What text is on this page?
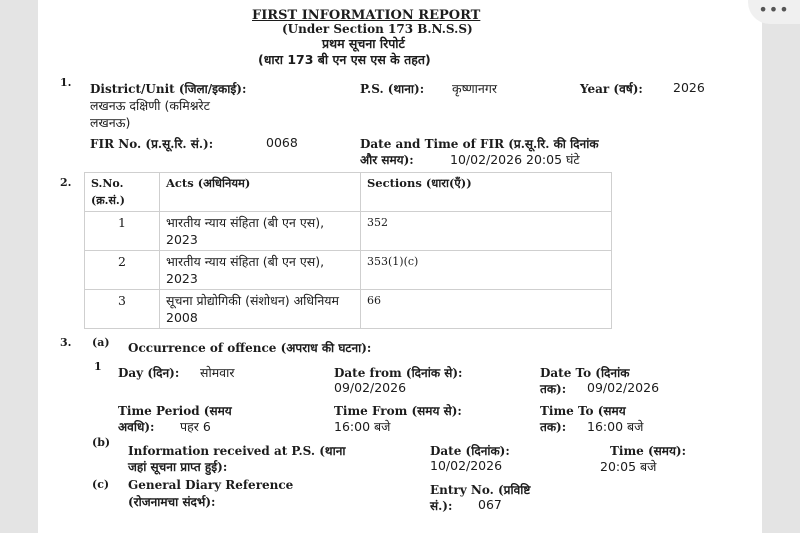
•••
FIRST INFORMATION REPORT
(Under Section 173 B.N.S.S)
प्रथम सूचना रिपोर्ट
(धारा 173 बी एन एस एस के तहत)
1. District/Unit (जिला/इकाई):
लखनऊ दक्षिणी (कमिश्नरेट
लखनऊ)
P.S. (थाना): कृष्णानगर	Year (वर्ष): 2026
FIR No. (प्र.सू.रि. सं.):	0068	Date and Time of FIR (प्र.सू.रि. की दिनांक
और समय):	10/02/2026 20:05 घंटे
2. S.No. (क्र.सं.)	Acts (अधिनियम)	Sections (धारा(एँ))
1	भारतीय न्याय संहिता (बी एन एस), 2023	352
2	भारतीय न्याय संहिता (बी एन एस), 2023	353(1)(c)
3	सूचना प्रोद्योगिकी (संशोधन) अधिनियम 2008	66
3. (a) Occurrence of offence (अपराध की घटना):
1 Day (दिन): सोमवार	Date from (दिनांक से):
09/02/2026
Date To (दिनांक
तक): 09/02/2026
Time Period (समय
अवधि): पहर 6
Time From (समय से):
16:00 बजे
Time To (समय
तक): 16:00 बजे
(b)
Information received at P.S. (थाना
जहां सूचना प्राप्त हुई):
Date (दिनांक):
10/02/2026
Time (समय):
20:05 बजे
(c) General Diary Reference
(रोजनामचा संदर्भ):
Entry No. (प्रविष्टि
सं.): 067
